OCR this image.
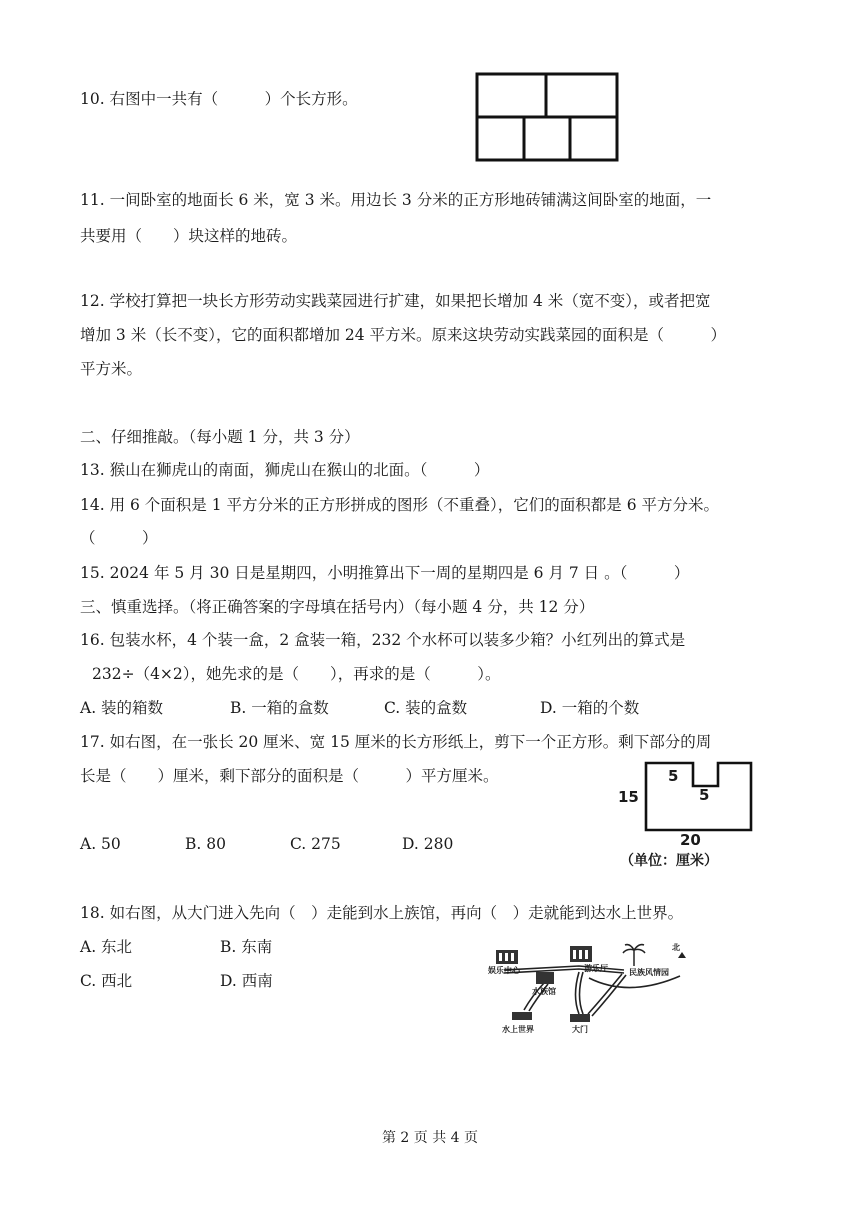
10. 右图中一共有（　　　）个长方形。
11. 一间卧室的地面长 6 米，宽 3 米。用边长 3 分米的正方形地砖铺满这间卧室的地面，一
共要用（　　）块这样的地砖。
12. 学校打算把一块长方形劳动实践菜园进行扩建，如果把长增加 4 米（宽不变），或者把宽
增加 3 米（长不变），它的面积都增加 24 平方米。原来这块劳动实践菜园的面积是（　　　）
平方米。
二、仔细推敲。（每小题 1 分，共 3 分）
13. 猴山在狮虎山的南面，狮虎山在猴山的北面。（　　　）
14. 用 6 个面积是 1 平方分米的正方形拼成的图形（不重叠），它们的面积都是 6 平方分米。
（　　　）
15. 2024 年 5 月 30 日是星期四，小明推算出下一周的星期四是 6 月 7 日 。（　　　）
三、慎重选择。（将正确答案的字母填在括号内）（每小题 4 分，共 12 分）
16. 包装水杯，4 个装一盒，2 盒装一箱，232 个水杯可以装多少箱？小红列出的算式是
232÷（4×2），她先求的是（　　），再求的是（　　　）。
A. 装的箱数	B. 一箱的盒数	C. 装的盒数	D. 一箱的个数
17. 如右图，在一张长 20 厘米、宽 15 厘米的长方形纸上，剪下一个正方形。剩下部分的周
长是（　　）厘米，剩下部分的面积是（　　　）平方厘米。
A. 50	B. 80	C. 275	D. 280
5
5
15
20
（单位：厘米）
18. 如右图，从大门进入先向（　）走能到水上族馆，再向（　）走就能到达水上世界。
A. 东北	B. 东南
C. 西北	D. 西南
北
娱乐中心	游乐厅	民族风情园
水族馆
水上世界	大门
第 2 页 共 4 页
